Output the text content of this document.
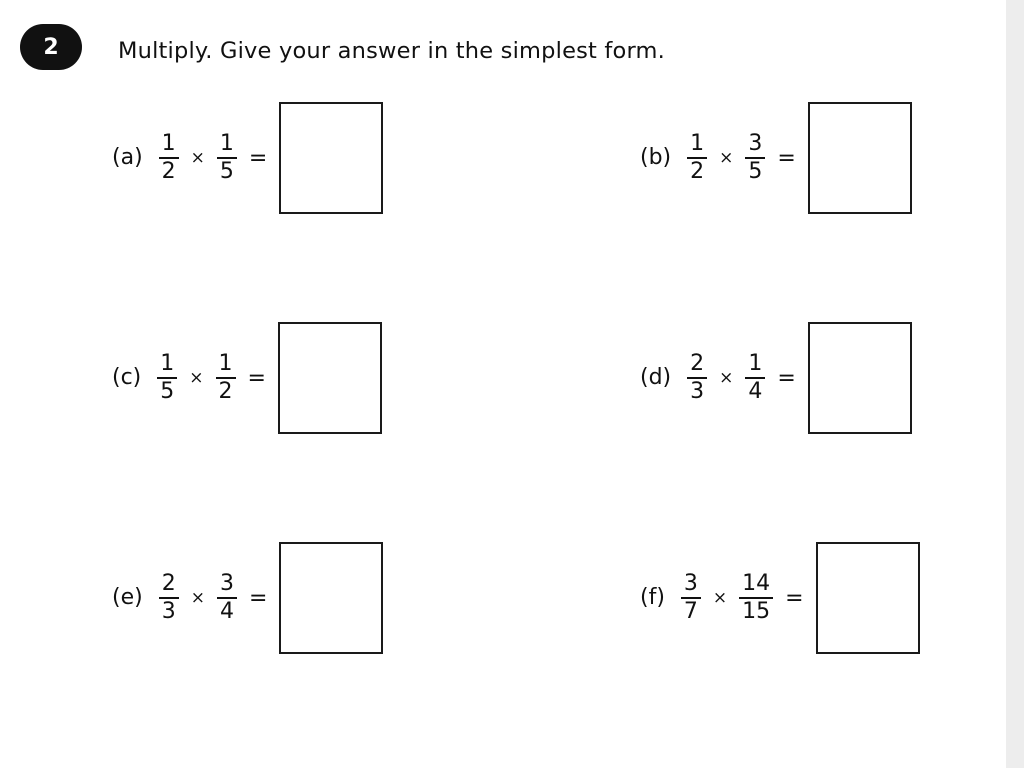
2	Multiply. Give your answer in the simplest form.
$(a) \frac{1}{2} \times \frac{1}{5}$ =	$(b) \frac{1}{2} \times \frac{3}{5}$ =
$(c) \frac{1}{5} \times \frac{1}{2}$ =	$(d) \frac{2}{3} \times \frac{1}{4}$ =
$(e) \frac{2}{3} \times \frac{3}{4}$ =	$(f) \frac{3}{7} \times \frac{14}{15}$ =
